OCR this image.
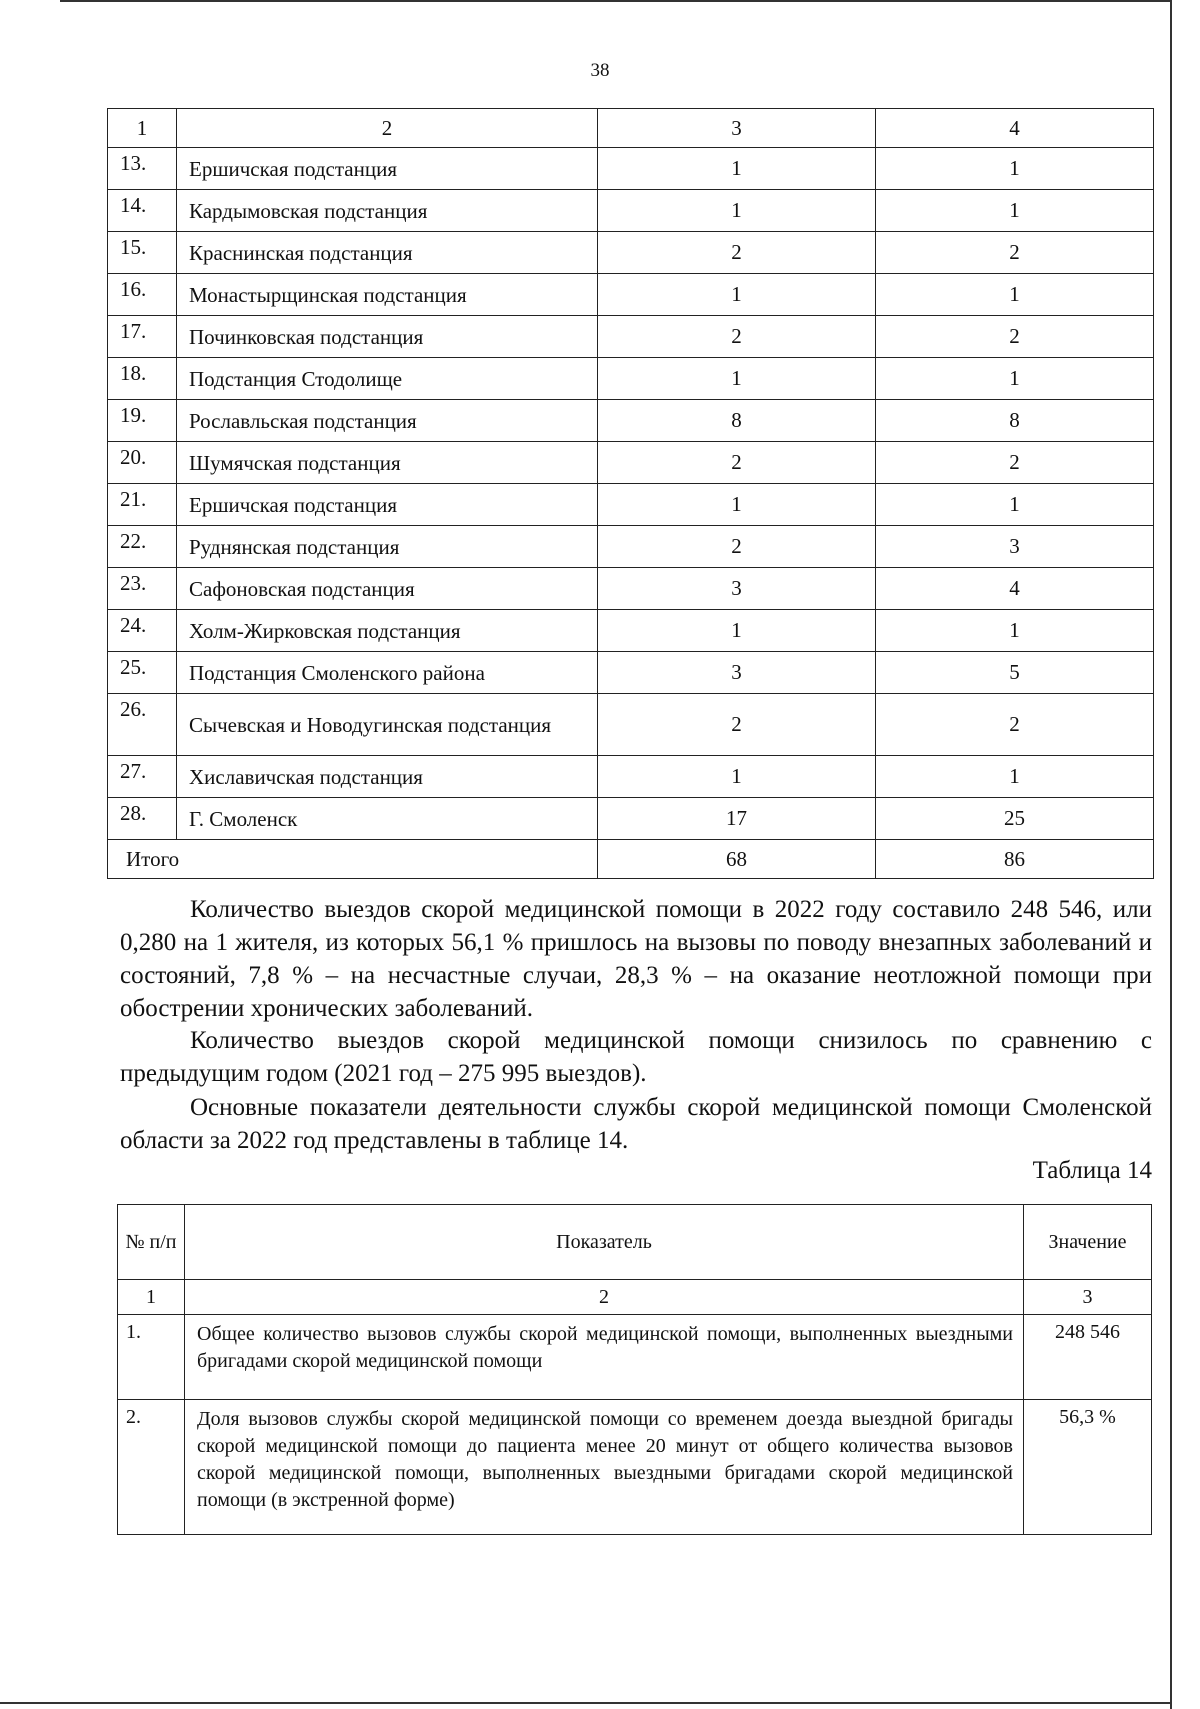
38
1	2	3	4
13.	Ершичская подстанция	1	1
14.	Кардымовская подстанция	1	1
15.	Краснинская подстанция	2	2
16.	Монастырщинская подстанция	1	1
17.	Починковская подстанция	2	2
18.	Подстанция Стодолище	1	1
19.	Рославльская подстанция	8	8
20.	Шумячская подстанция	2	2
21.	Ершичская подстанция	1	1
22.	Руднянская подстанция	2	3
23.	Сафоновская подстанция	3	4
24.	Холм-Жирковская подстанция	1	1
25.	Подстанция Смоленского района	3	5
26.	Сычевская и Новодугинская подстанция	2	2
27.	Хиславичская подстанция	1	1
28.	Г. Смоленск	17	25
Итого		68	86
Количество выездов скорой медицинской помощи в 2022 году составило 248 546, или 0,280 на 1 жителя, из которых 56,1 % пришлось на вызовы по поводу внезапных заболеваний и состояний, 7,8 % – на несчастные случаи, 28,3 % – на оказание неотложной помощи при обострении хронических заболеваний.
Количество выездов скорой медицинской помощи снизилось по сравнению с предыдущим годом (2021 год – 275 995 выездов).
Основные показатели деятельности службы скорой медицинской помощи Смоленской области за 2022 год представлены в таблице 14.
Таблица 14
№ п/п	Показатель	Значение
1	2	3
1.	Общее количество вызовов службы скорой медицинской помощи, выполненных выездными бригадами скорой медицинской помощи	248 546
2.	Доля вызовов службы скорой медицинской помощи со временем доезда выездной бригады скорой медицинской помощи до пациента менее 20 минут от общего количества вызовов скорой медицинской помощи, выполненных выездными бригадами скорой медицинской помощи (в экстренной форме)	56,3 %
